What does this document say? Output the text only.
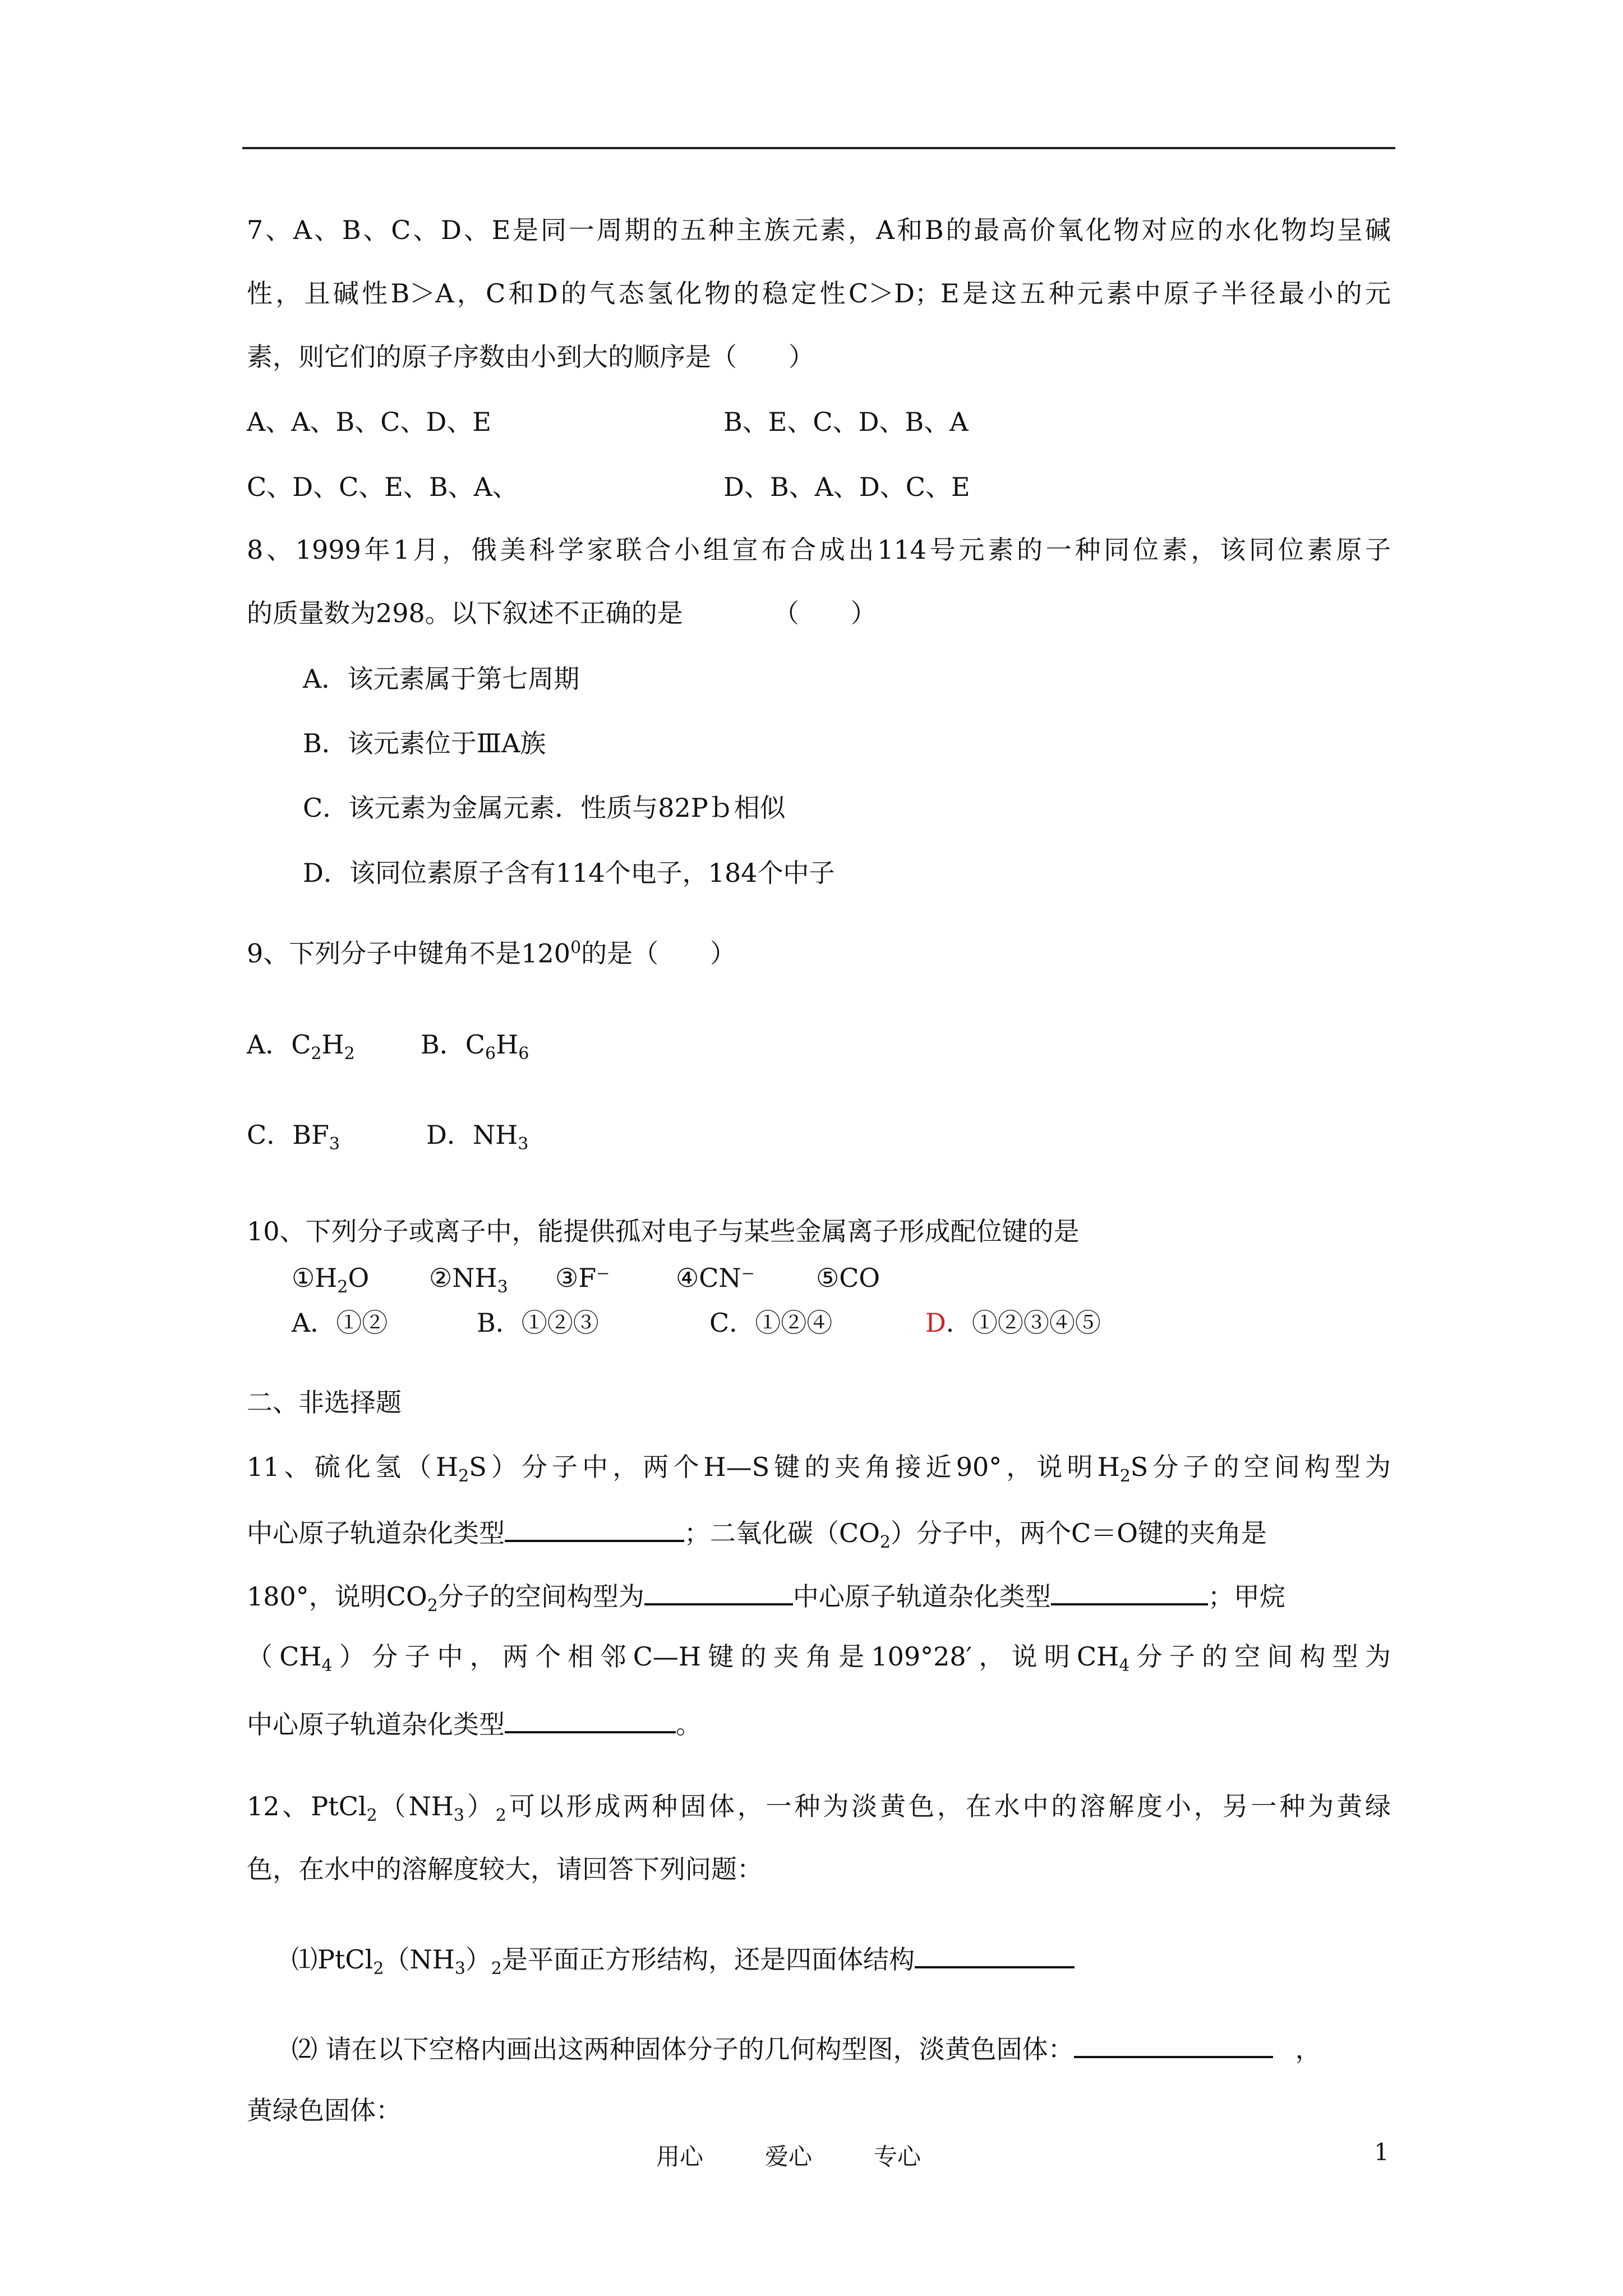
7、A、B、C、D、E是同一周期的五种主族元素，A和B的最高价氧化物对应的水化物均呈碱
性，且碱性B＞A，C和D的气态氢化物的稳定性C＞D；E是这五种元素中原子半径最小的元
素，则它们的原子序数由小到大的顺序是（　　）
A、A、B、C、D、E	B、E、C、D、B、A
C、D、C、E、B、A、	D、B、A、D、C、E
8、1999年1月，俄美科学家联合小组宣布合成出114号元素的一种同位素，该同位素原子
的质量数为298。以下叙述不正确的是　　　　（　　）
A．该元素属于第七周期
B．该元素位于ⅢA族
C．该元素为金属元素．性质与82Pｂ相似
D．该同位素原子含有114个电子，184个中子
9、下列分子中键角不是$120^0$的是（　　）
A．$C_2H_2$	B．$C_6H_6$
C．$BF_3$	D．$NH_3$
10、下列分子或离子中，能提供孤对电子与某些金属离子形成配位键的是
$①H_2O$ $②NH_3$ ③F⁻	④CN⁻ ⑤CO
A．①②	B．①②③	C．①②④	D．①②③④⑤
二、非选择题
11、硫化氢$(H_2S)$分子中，两个H—S键的夹角接近90°，说明$H_2S$分子的空间构型为
中心原子轨道杂化类型	；二氧化碳$(CO_2)$分子中，两个C＝O键的夹角是
180°，说明$CO_2$分子的空间构型为	中心原子轨道杂化类型	；甲烷
$(CH_4)$分子中，两个相邻C—H键的夹角是109°28′，说明$CH_4$分子的空间构型为
中心原子轨道杂化类型	。
12、$PtCl_2(NH_3)_2$可以形成两种固体，一种为淡黄色，在水中的溶解度小，另一种为黄绿
色，在水中的溶解度较大，请回答下列问题：
$⑴PtCl_2(NH_3)_2$是平面正方形结构，还是四面体结构
⑵ 请在以下空格内画出这两种固体分子的几何构型图，淡黄色固体：	，
黄绿色固体：
用心	爱心	专心	1
